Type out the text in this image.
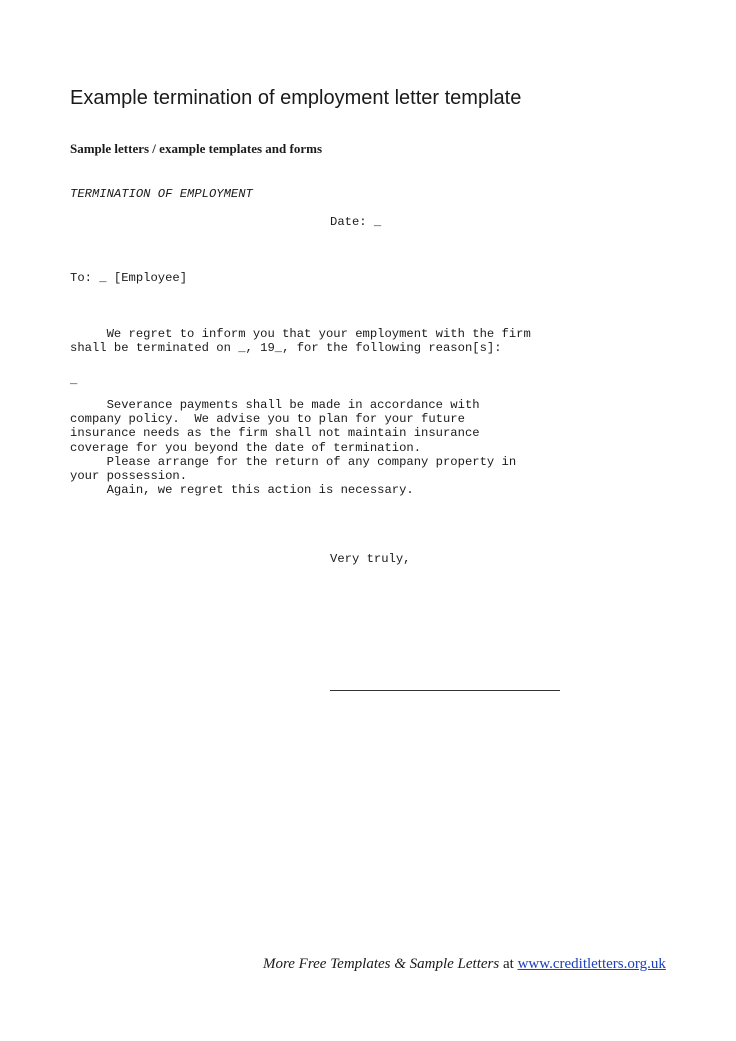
Example termination of employment letter template

Sample letters / example templates and forms

TERMINATION OF EMPLOYMENT

Date: _

To: _ [Employee]

We regret to inform you that your employment with the firm
shall be terminated on _, 19_, for the following reason[s]:

_

Severance payments shall be made in accordance with
company policy.  We advise you to plan for your future
insurance needs as the firm shall not maintain insurance
coverage for you beyond the date of termination.
Please arrange for the return of any company property in
your possession.
Again, we regret this action is necessary.

Very truly,

More Free Templates & Sample Letters at www.creditletters.org.uk
